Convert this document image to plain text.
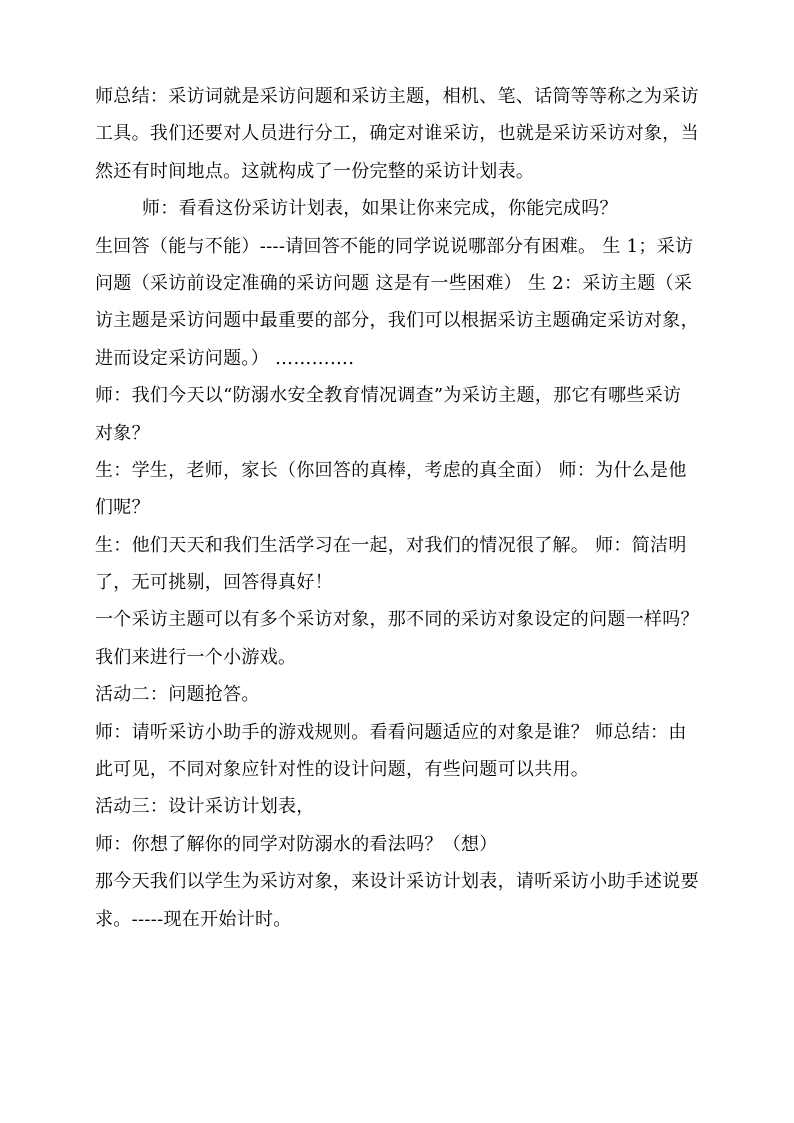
师总结：采访词就是采访问题和采访主题，相机、笔、话筒等等称之为采访
工具。我们还要对人员进行分工，确定对谁采访，也就是采访采访对象，当
然还有时间地点。这就构成了一份完整的采访计划表。
师：看看这份采访计划表，如果让你来完成，你能完成吗？
生回答（能与不能）----请回答不能的同学说说哪部分有困难。 生 1；采访
问题（采访前设定准确的采访问题 这是有一些困难） 生 2：采访主题（采
访主题是采访问题中最重要的部分，我们可以根据采访主题确定采访对象，
进而设定采访问题。） ………….
师：我们今天以“防溺水安全教育情况调查”为采访主题，那它有哪些采访
对象？
生：学生，老师，家长（你回答的真棒，考虑的真全面） 师：为什么是他
们呢？
生：他们天天和我们生活学习在一起，对我们的情况很了解。 师：简洁明
了，无可挑剔，回答得真好！
一个采访主题可以有多个采访对象，那不同的采访对象设定的问题一样吗？
我们来进行一个小游戏。
活动二：问题抢答。
师：请听采访小助手的游戏规则。看看问题适应的对象是谁？ 师总结：由
此可见，不同对象应针对性的设计问题，有些问题可以共用。
活动三：设计采访计划表，
师：你想了解你的同学对防溺水的看法吗？（想）
那今天我们以学生为采访对象，来设计采访计划表，请听采访小助手述说要
求。-----现在开始计时。
